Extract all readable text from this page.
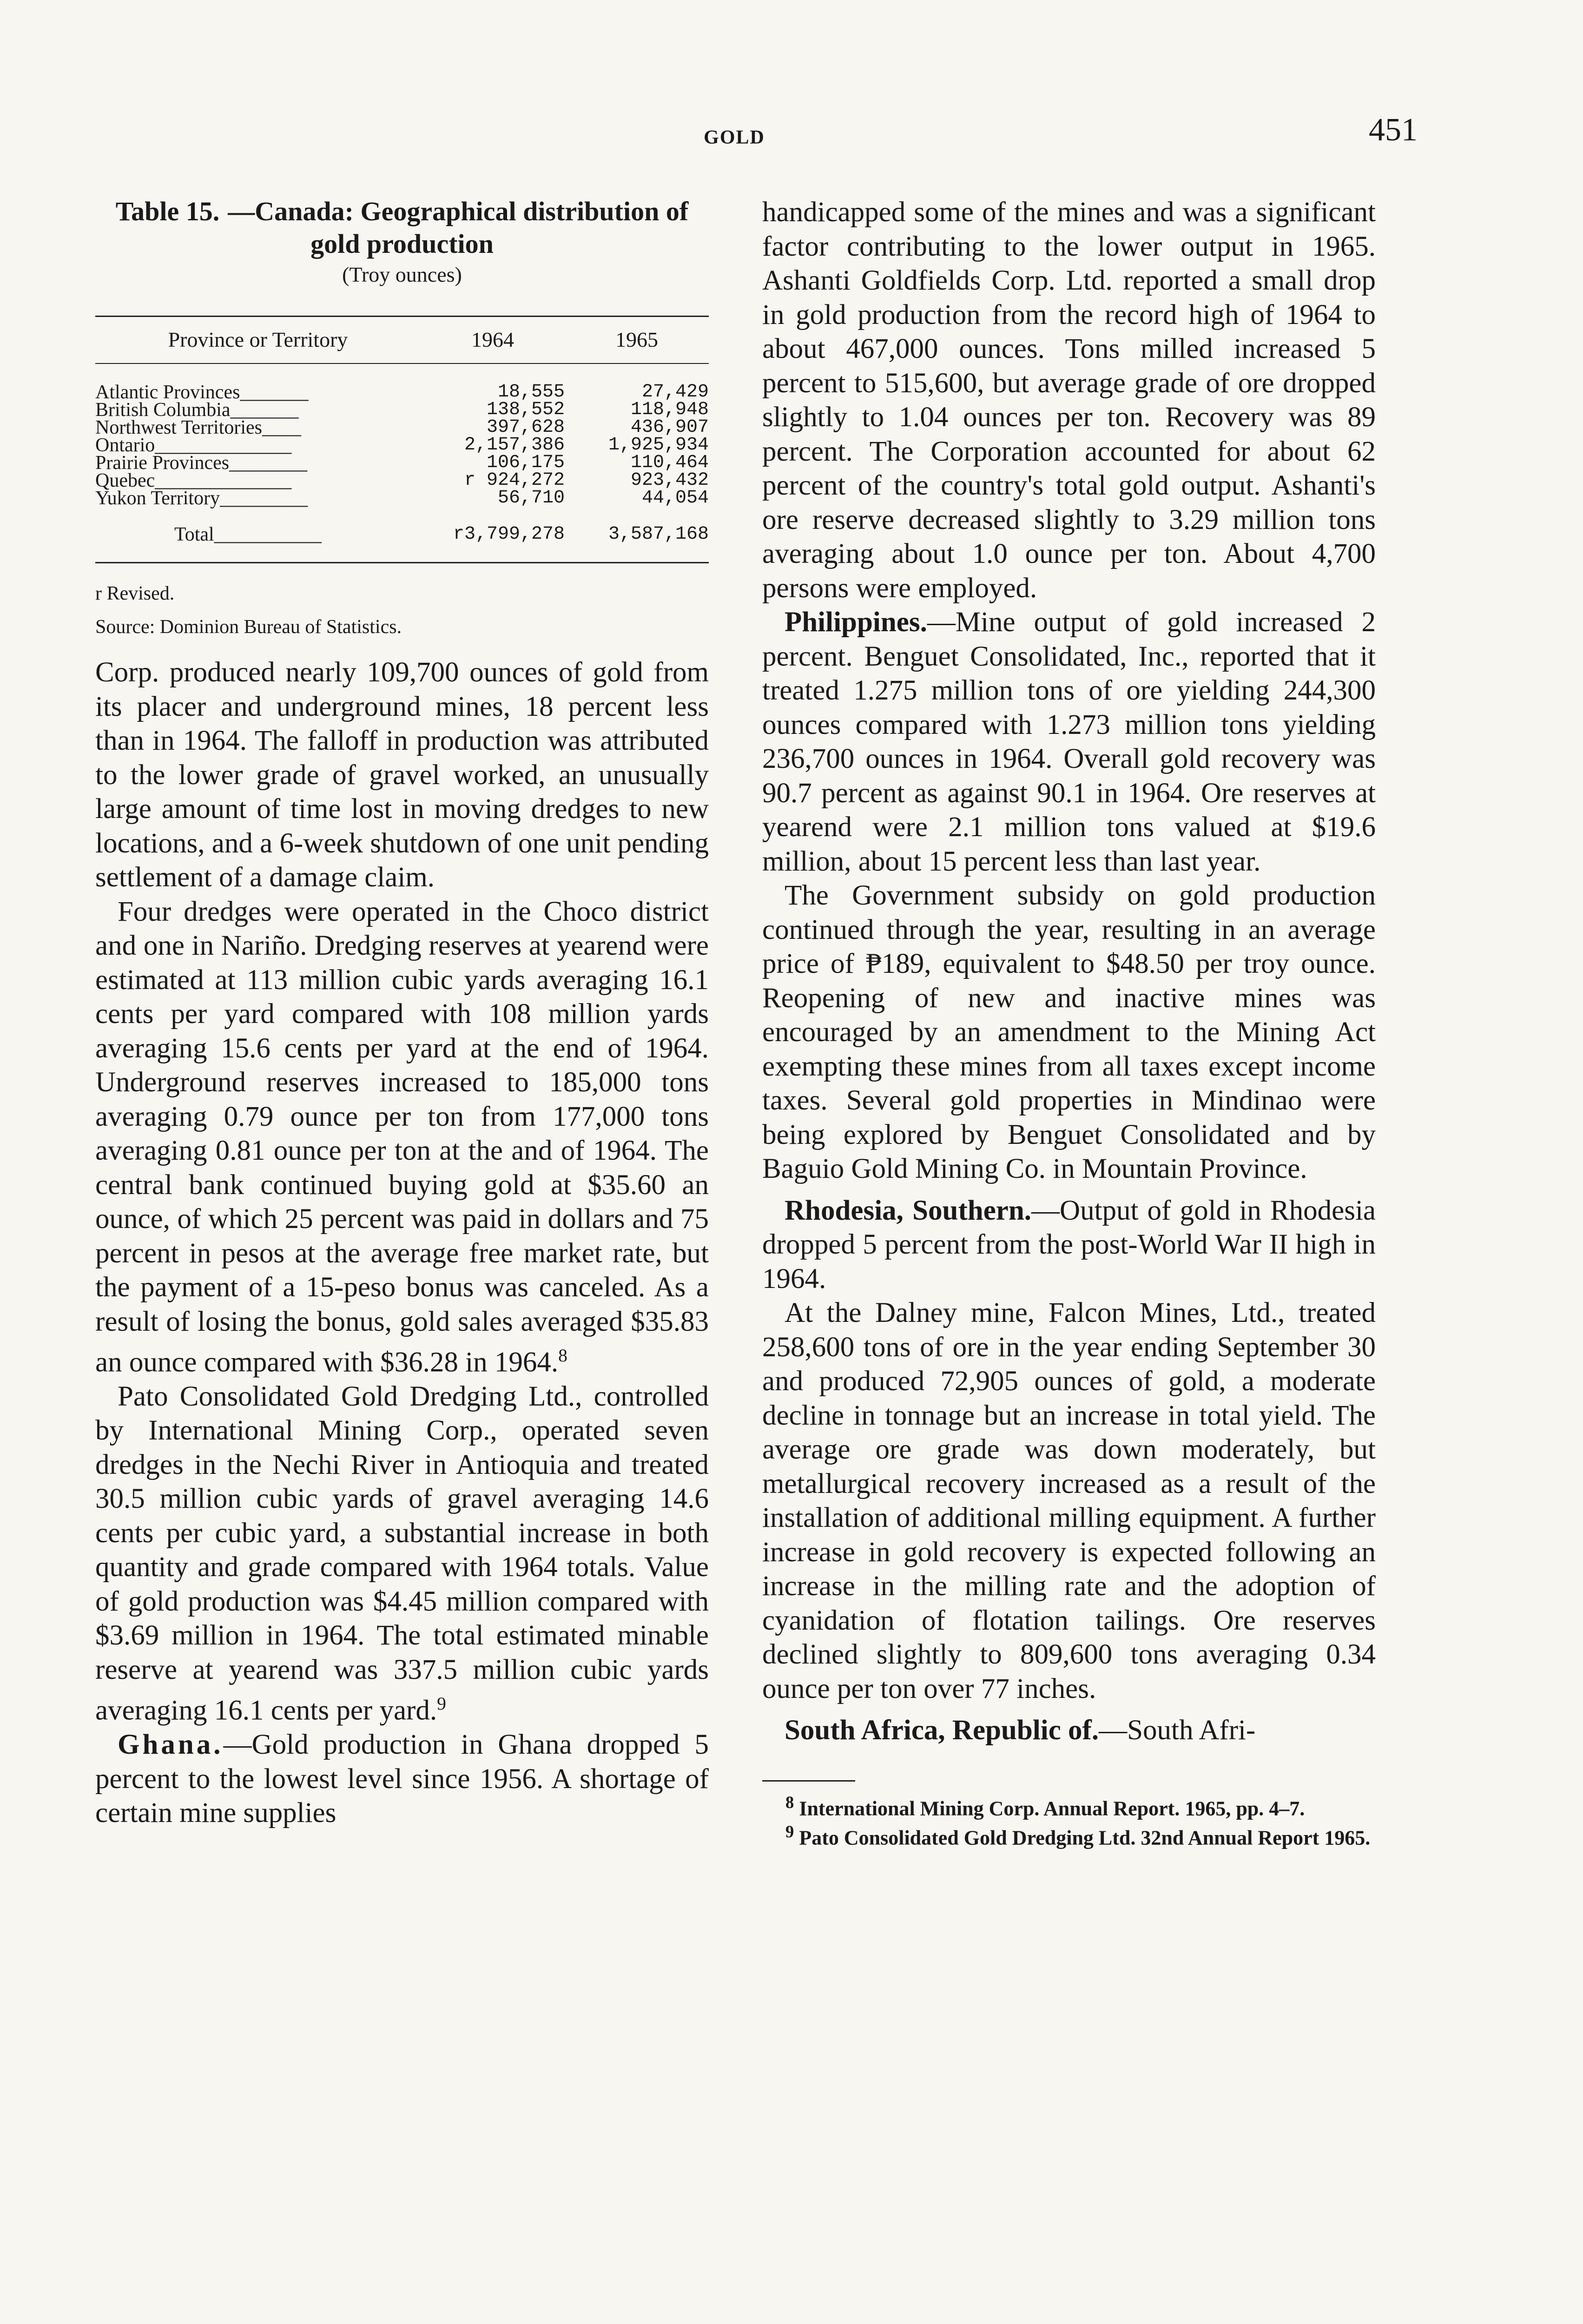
GOLD	451

Table 15. —Canada: Geographical distribution of gold production

(Troy ounces)
Province or Territory	1964	1965
Atlantic Provinces_______	18,555	27,429
British Columbia_______	138,552	118,948
Northwest Territories____	397,628	436,907
Ontario______________	2,157,386	1,925,934
Prairie Provinces________	106,175	110,464
Quebec______________	r 924,272	923,432
Yukon Territory_________	56,710	44,054
Total___________	r3,799,278	3,587,168

r Revised.

Source: Dominion Bureau of Statistics.

Corp. produced nearly 109,700 ounces of gold from its placer and underground mines, 18 percent less than in 1964. The falloff in production was attributed to the lower grade of gravel worked, an unusually large amount of time lost in moving dredges to new locations, and a 6-week shutdown of one unit pending settlement of a damage claim.

Four dredges were operated in the Choco district and one in Nariño. Dredging reserves at yearend were estimated at 113 million cubic yards averaging 16.1 cents per yard compared with 108 million yards averaging 15.6 cents per yard at the end of 1964. Underground reserves increased to 185,000 tons averaging 0.79 ounce per ton from 177,000 tons averaging 0.81 ounce per ton at the and of 1964. The central bank continued buying gold at $35.60 an ounce, of which 25 percent was paid in dollars and 75 percent in pesos at the average free market rate, but the payment of a 15-peso bonus was canceled. As a result of losing the bonus, gold sales averaged $35.83 an ounce compared with $36.28 in 1964.$^8$

Pato Consolidated Gold Dredging Ltd., controlled by International Mining Corp., operated seven dredges in the Nechi River in Antioquia and treated 30.5 million cubic yards of gravel averaging 14.6 cents per cubic yard, a substantial increase in both quantity and grade compared with 1964 totals. Value of gold production was $4.45 million compared with $3.69 million in 1964. The total estimated minable reserve at yearend was 337.5 million cubic yards averaging 16.1 cents per yard.$^9$

Ghana.—Gold production in Ghana dropped 5 percent to the lowest level since 1956. A shortage of certain mine supplies

handicapped some of the mines and was a significant factor contributing to the lower output in 1965. Ashanti Goldfields Corp. Ltd. reported a small drop in gold production from the record high of 1964 to about 467,000 ounces. Tons milled increased 5 percent to 515,600, but average grade of ore dropped slightly to 1.04 ounces per ton. Recovery was 89 percent. The Corporation accounted for about 62 percent of the country's total gold output. Ashanti's ore reserve decreased slightly to 3.29 million tons averaging about 1.0 ounce per ton. About 4,700 persons were employed.

Philippines.—Mine output of gold increased 2 percent. Benguet Consolidated, Inc., reported that it treated 1.275 million tons of ore yielding 244,300 ounces compared with 1.273 million tons yielding 236,700 ounces in 1964. Overall gold recovery was 90.7 percent as against 90.1 in 1964. Ore reserves at yearend were 2.1 million tons valued at $19.6 million, about 15 percent less than last year.

The Government subsidy on gold production continued through the year, resulting in an average price of ₱189, equivalent to $48.50 per troy ounce. Reopening of new and inactive mines was encouraged by an amendment to the Mining Act exempting these mines from all taxes except income taxes. Several gold properties in Mindinao were being explored by Benguet Consolidated and by Baguio Gold Mining Co. in Mountain Province.

Rhodesia, Southern.—Output of gold in Rhodesia dropped 5 percent from the post-World War II high in 1964.

At the Dalney mine, Falcon Mines, Ltd., treated 258,600 tons of ore in the year ending September 30 and produced 72,905 ounces of gold, a moderate decline in tonnage but an increase in total yield. The average ore grade was down moderately, but metallurgical recovery increased as a result of the installation of additional milling equipment. A further increase in gold recovery is expected following an increase in the milling rate and the adoption of cyanidation of flotation tailings. Ore reserves declined slightly to 809,600 tons averaging 0.34 ounce per ton over 77 inches.

South Africa, Republic of.—South Afri-

$^8$ International Mining Corp. Annual Report. 1965, pp. 4–7.

$^9$ Pato Consolidated Gold Dredging Ltd. 32nd Annual Report 1965.
